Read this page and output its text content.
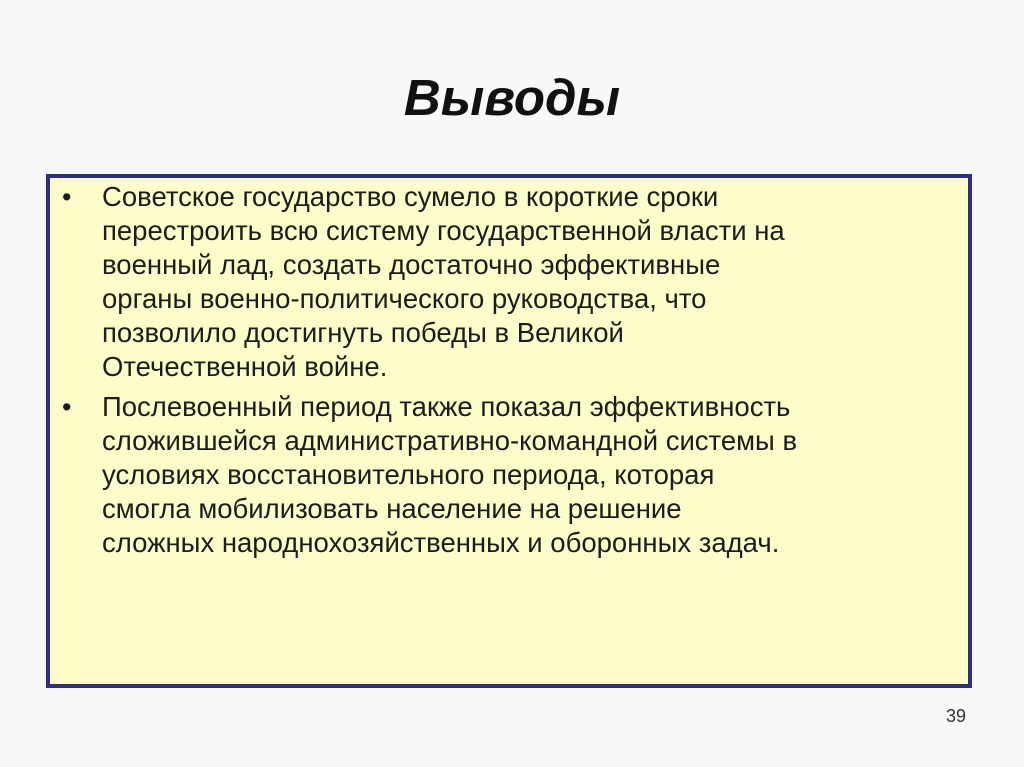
Выводы
• Советское государство сумело в короткие сроки
перестроить всю систему государственной власти на
военный лад, создать достаточно эффективные
органы военно-политического руководства, что
позволило достигнуть победы в Великой
Отечественной войне.
• Послевоенный период также показал эффективность
сложившейся административно-командной системы в
условиях восстановительного периода, которая
смогла мобилизовать население на решение
сложных народнохозяйственных и оборонных задач.
39
